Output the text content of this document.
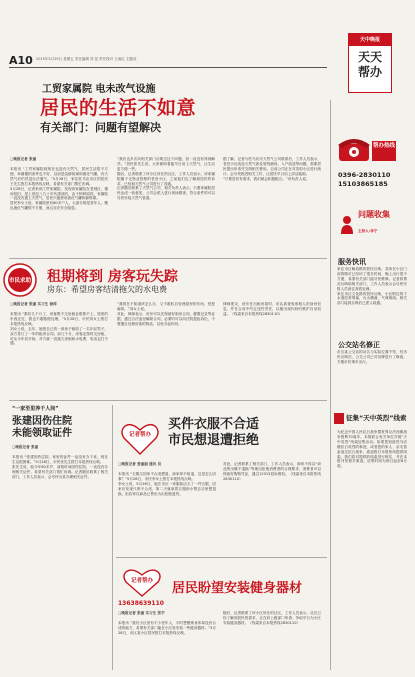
A10 2015年5月29日 星期五 责任编辑 刘 宽 责任校对 王雨红 主题词
天中晚报
天天
帮办
工贸家属院 电未改气设施
居民的生活不如意
有关部门：问题有望解决
□晚报记者 张丽
本报讯 “工贸家属院到现在也没有天然气，居民生活很不方便，家属楼的条件也不好，以前是烧蜂窝煤和液化气罐，有天然气后仍然没办法通气。”5月28日，家住驻马店市区的居民王先生拨打本报热线反映，希望有关部门帮忙协调。
5月28日，记者来到工贸家属院，发现该家属院在老城区，楼房较旧，是上世纪八九十年代建设的，由于种种原因，家属院一直没有通上天然气，居民只能使用液化气罐和蜂窝煤。
居民李女士说，家属院里有60多户人，大部分都是老年人，搬运液化气罐很不方便，而且存在安全隐患。
“我们也多次向相关部门反映过这个问题，但一直没有得到解决。”居民张先生说，大家都盼着能早日用上天然气，让生活更方便一些。
随后，记者联系了该小区所在的社区，工作人员表示，该家属院属于无物业管理的老旧小区，之前他们也了解到居民的诉求，已经和天然气公司进行了沟通。
记者随后联系了天然气公司，相关负责人表示，只要家属院居民达成一致意见，公司会派人进行现场勘查，符合条件的可以尽快安装天然气管道。
据了解，记者与驻马店市天然气公司联系后，工作人员表示，老旧小区改造天然气涉及管线铺设、入户改造等问题，需要居民提出申请并交纳相关费用。目前公司正在对类似小区进行统计，会尽快推进相关工作，让居民早日用上清洁能源。
“只要居民有需求，我们就会积极配合。”该负责人说。
帮办热线
0396-2830110
15103865185
问题收集
主持人:李宁
服务快讯
家住市区解放路的居民反映，其所在小区门前的路灯已经坏了很长时间，晚上出行很不方便，希望有关部门能尽快维修。记者将情况反映给相关部门，工作人员表示会尽快安排人员前往查看处理。
家住市区文化路的居民反映，小区附近的下水道经常堵塞，污水横流，气味难闻。相关部门接到反映后已派人疏通。
公交站名修正
市区某公交站的站名与实际位置不符，经市民反映后，公交公司已对站牌进行了修改，方便市民乘车出行。
市民求助 租期将到 房客玩失踪
房东：希望房客结清拖欠的水电费
□晚报记者 张丽 实习生 徐萍
本报讯 “都好几个月了，房客既不交房租也联系不上，屋里的东西还在，我也不敢随便处理。”5月28日，市民刘女士拨打本报热线反映。
刘女士说，去年，她把自己的一套房子租给了一名年轻男子，双方签订了一年的租房合同。前几个月，房客还按时交房租，可从今年初开始，对方就一直拖欠房租和水电费，电话也打不通。
“我现在不知道该怎么办，又不敢私自处理屋里的东西，怕惹麻烦。”刘女士说。
对此，律师表示，房东可以先保留好租房合同、催缴记录等证据，通过合法途径解除合同，必要时可以向法院提起诉讼，不要擅自处理房客的物品，以免引起纠纷。
律师建议，房东在出租房屋时，应认真查验承租人的身份信息，并在合同中约定违约责任，以便出现纠纷时维护自身权益。（线索来自本报热线2830110）
“一家至里养千人间”
张建因伤住院
未能领取证件
□晚报记者 张丽
本报讯 “张建因伤住院，家里的证件一直没有办下来，现在生活很困难。”5月28日，市民张先生拨打本报热线反映。
张先生说，他今年60多岁，前段时间因伤住院，一直没有办理相关证件，希望有关部门帮忙协调。记者随后联系了相关部门，工作人员表示，会尽快为其办理相关证件。
记者帮办
买件衣服不合适
市民想退遭拒绝
□晚报记者 姜丽丽 通讯 员
本报讯 “衣服买回家不合适想退，商家却不给退，这是怎么回事？”5月28日，市民李女士拨打本报热线反映。
李女士说，5月26日，她在市区一家服装店买了一件衣服，回家后发现尺码不合适，第二天就拿着衣服和小票去店里想退换，但店家以商品已售出为由拒绝退货。
对此，记者联系了相关部门，工作人员表示，商家不得以“商品售出概不退换”等理由拒绝消费者的合理要求，消费者可以保留好购物凭证，通过12315投诉维权。（线索来自本报热线2830110）
征集“天中英烈”线索
为纪念中国人民抗日战争暨世界反法西斯战争胜利70周年，本报联合有关单位开展“天中英烈”线索征集活动。如果您知道驻马店籍抗日英烈的事迹，或者您的家人、亲友曾参加过抗日战争，欢迎拨打本报热线提供线索。我们将对提供的线索进行核实，并在本报刊发相关事迹。征集时间为即日起至8月底。
记者帮办
13638639110
居民盼望安装健身器材
□晚报记者 张丽 实习生 张宇
本报讯 “我们小区里有不少老年人，平时想锻炼身体却没有合适的地方，希望有关部门能在小区里安装一些健身器材。”5月28日，市区某小区居民拨打本报热线反映。
随后，记者联系了该小区所在的社区，工作人员表示，社区已经了解到居民的需求，正在向上级部门申请，争取早日为小区安装健身器材。（线索来自本报热线2830110）
